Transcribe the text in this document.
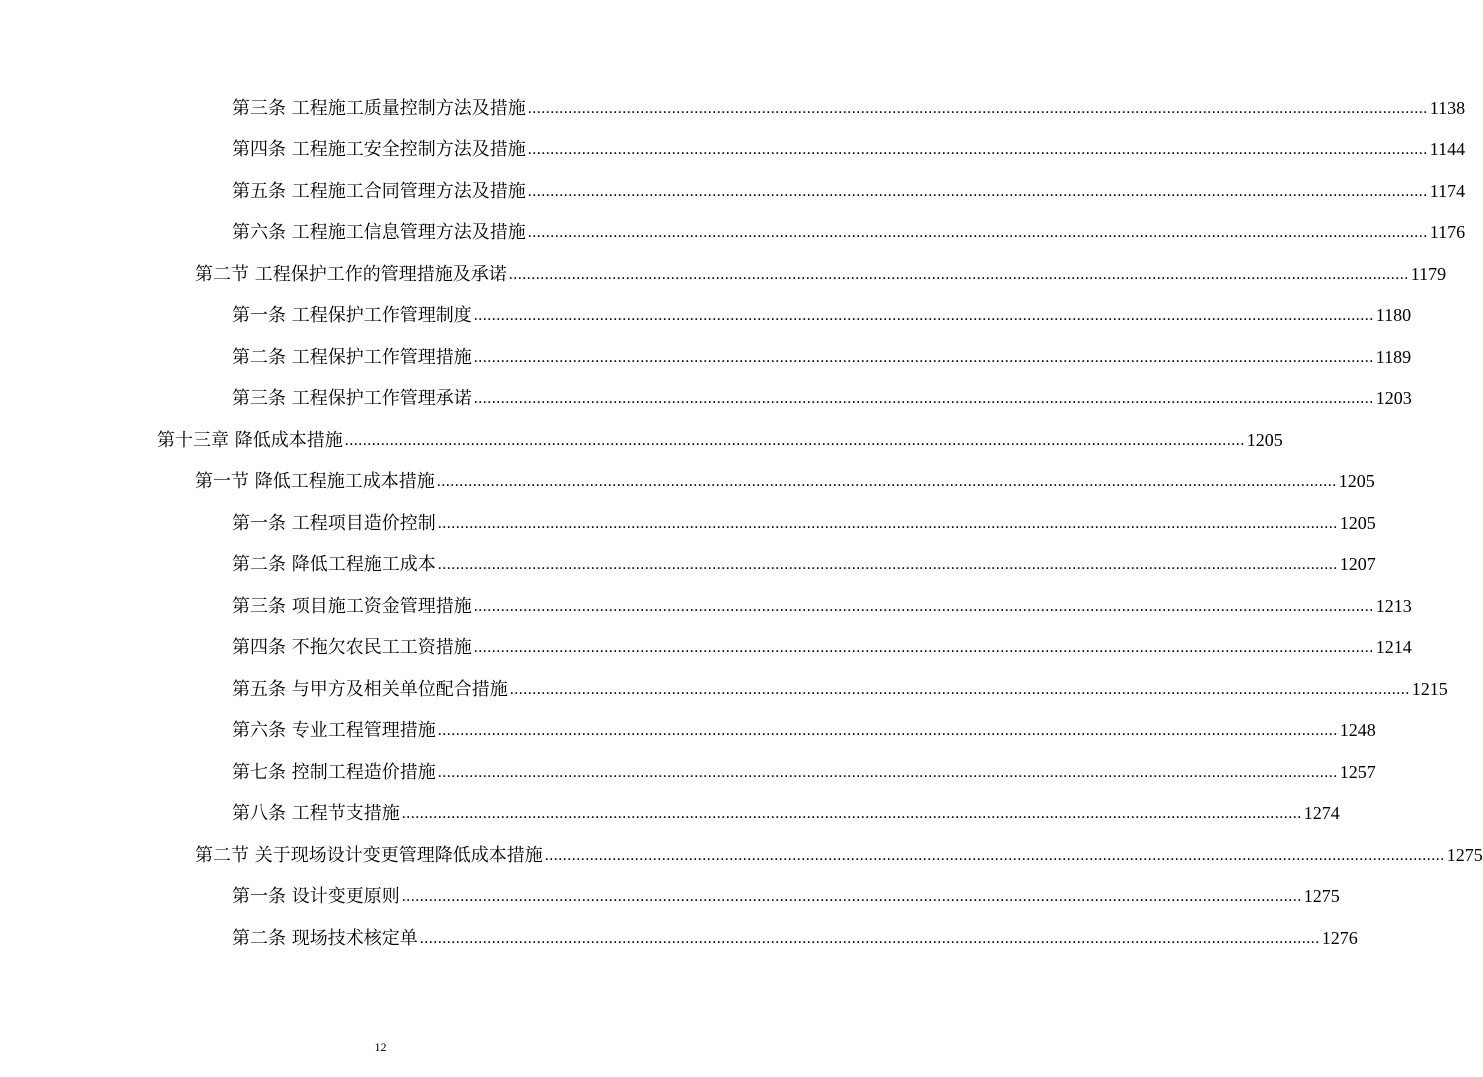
第三条 工程施工质量控制方法及措施 ........................................................................................................................................................................................................ 1138
第四条 工程施工安全控制方法及措施 ........................................................................................................................................................................................................ 1144
第五条 工程施工合同管理方法及措施 ........................................................................................................................................................................................................ 1174
第六条 工程施工信息管理方法及措施 ........................................................................................................................................................................................................ 1176
第二节 工程保护工作的管理措施及承诺 ........................................................................................................................................................................................................ 1179
第一条 工程保护工作管理制度 ........................................................................................................................................................................................................ 1180
第二条 工程保护工作管理措施 ........................................................................................................................................................................................................ 1189
第三条 工程保护工作管理承诺 ........................................................................................................................................................................................................ 1203
第十三章 降低成本措施 ........................................................................................................................................................................................................ 1205
第一节 降低工程施工成本措施 ........................................................................................................................................................................................................ 1205
第一条 工程项目造价控制 ........................................................................................................................................................................................................ 1205
第二条 降低工程施工成本 ........................................................................................................................................................................................................ 1207
第三条 项目施工资金管理措施 ........................................................................................................................................................................................................ 1213
第四条 不拖欠农民工工资措施 ........................................................................................................................................................................................................ 1214
第五条 与甲方及相关单位配合措施 ........................................................................................................................................................................................................ 1215
第六条 专业工程管理措施 ........................................................................................................................................................................................................ 1248
第七条 控制工程造价措施 ........................................................................................................................................................................................................ 1257
第八条 工程节支措施 ........................................................................................................................................................................................................ 1274
第二节 关于现场设计变更管理降低成本措施 ........................................................................................................................................................................................................ 1275
第一条 设计变更原则 ........................................................................................................................................................................................................ 1275
第二条 现场技术核定单 ........................................................................................................................................................................................................ 1276
12
